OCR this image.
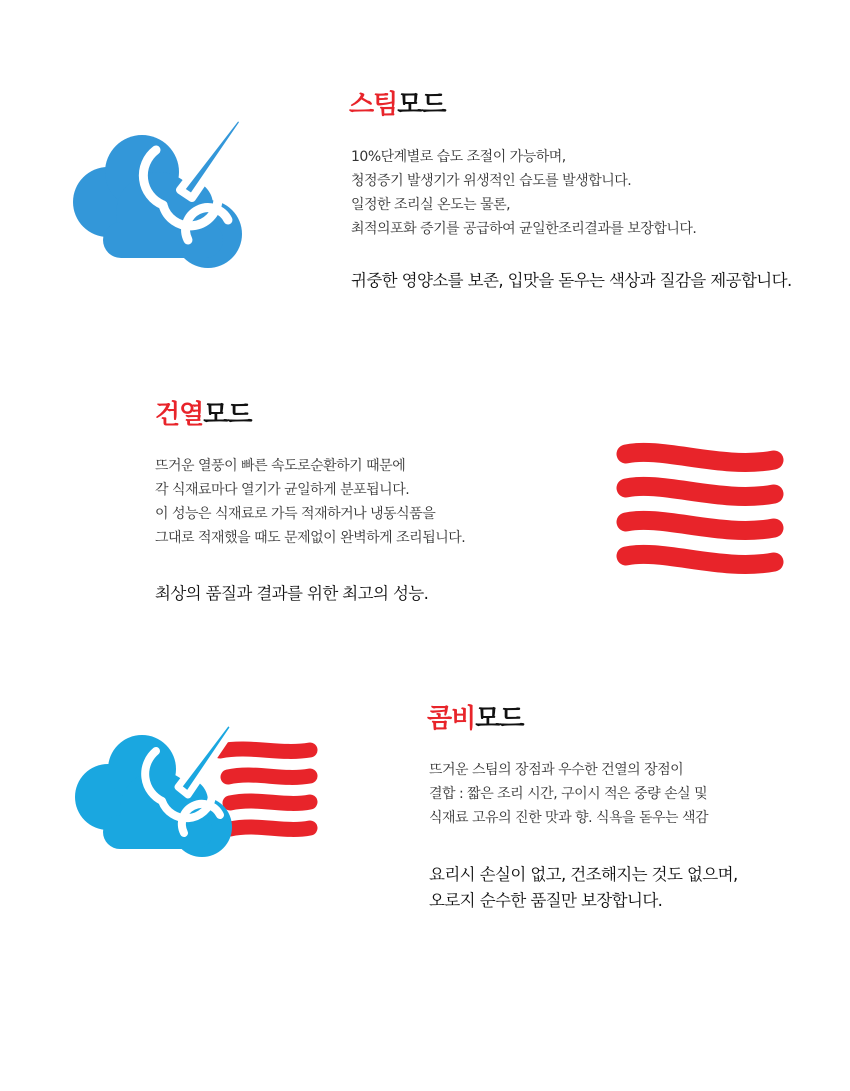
스팀모드
10%단계별로 습도 조절이 가능하며,
청정증기 발생기가 위생적인 습도를 발생합니다.
일정한 조리실 온도는 물론,
최적의포화 증기를 공급하여 균일한조리결과를 보장합니다.
귀중한 영양소를 보존, 입맛을 돋우는 색상과 질감을 제공합니다.
건열모드
뜨거운 열풍이 빠른 속도로순환하기 때문에
각 식재료마다 열기가 균일하게 분포됩니다.
이 성능은 식재료로 가득 적재하거나 냉동식품을
그대로 적재했을 때도 문제없이 완벽하게 조리됩니다.
최상의 품질과 결과를 위한 최고의 성능.
콤비모드
뜨거운 스팀의 장점과 우수한 건열의 장점이
결합 : 짧은 조리 시간, 구이시 적은 중량 손실 및
식재료 고유의 진한 맛과 향. 식욕을 돋우는 색감
요리시 손실이 없고, 건조해지는 것도 없으며,
오로지 순수한 품질만 보장합니다.
